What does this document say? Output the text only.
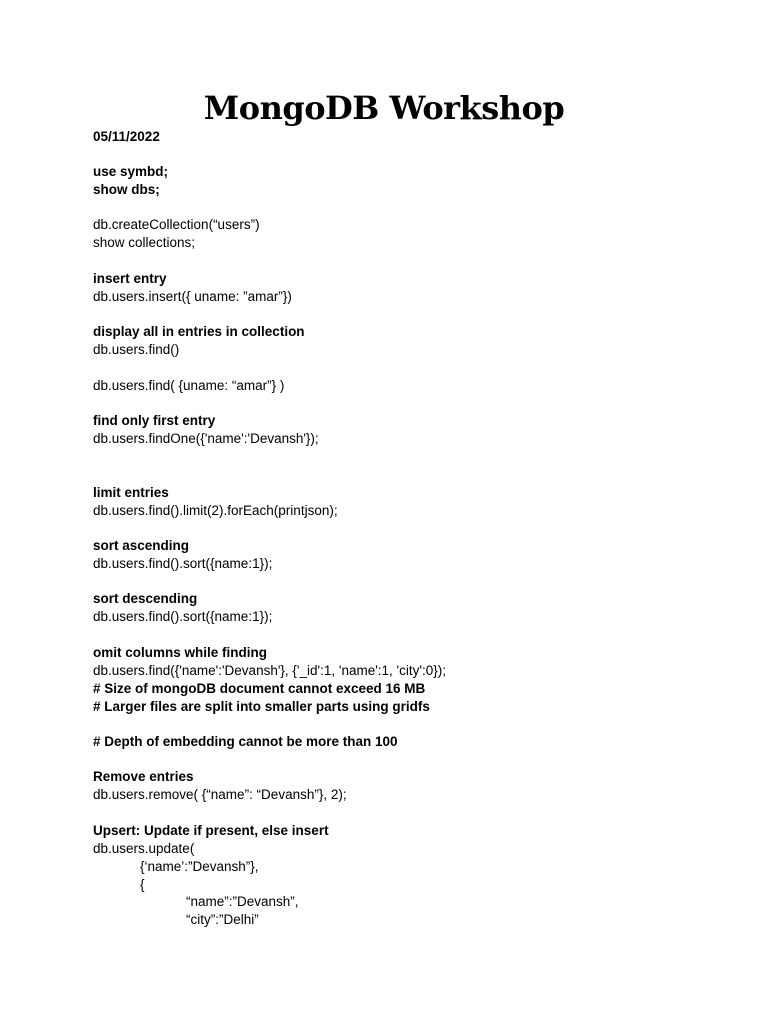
MongoDB Workshop

05/11/2022

use symbd;

show dbs;

db.createCollection(“users”)

show collections;

insert entry

db.users.insert({ uname: ”amar”})

display all in entries in collection

db.users.find()

db.users.find( {uname: “amar”} )

find only first entry

db.users.findOne({'name':'Devansh'});

limit entries

db.users.find().limit(2).forEach(printjson);

sort ascending

db.users.find().sort({name:1});

sort descending

db.users.find().sort({name:1});

omit columns while finding

db.users.find({'name':'Devansh'}, {'_id':1, 'name':1, 'city':0});

# Size of mongoDB document cannot exceed 16 MB

# Larger files are split into smaller parts using gridfs

# Depth of embedding cannot be more than 100

Remove entries

db.users.remove( {“name”: “Devansh”}, 2);

Upsert: Update if present, else insert

db.users.update(

{‘name’:”Devansh”},

{

“name”:”Devansh”,

“city”:”Delhi”
